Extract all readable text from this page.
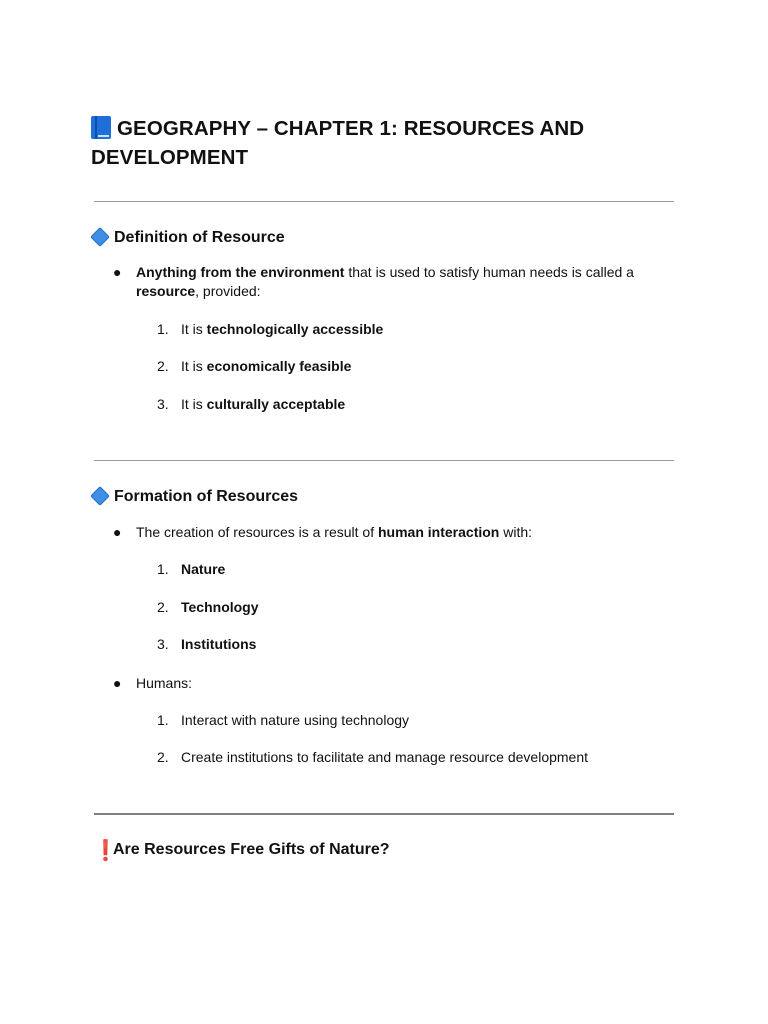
GEOGRAPHY – CHAPTER 1: RESOURCES AND
DEVELOPMENT
Definition of Resource
● Anything from the environment that is used to satisfy human needs is called a
resource, provided:
1. It is technologically accessible
2. It is economically feasible
3. It is culturally acceptable
Formation of Resources
● The creation of resources is a result of human interaction with:
1. Nature
2. Technology
3. Institutions
● Humans:
1. Interact with nature using technology
2. Create institutions to facilitate and manage resource development
❗Are Resources Free Gifts of Nature?
